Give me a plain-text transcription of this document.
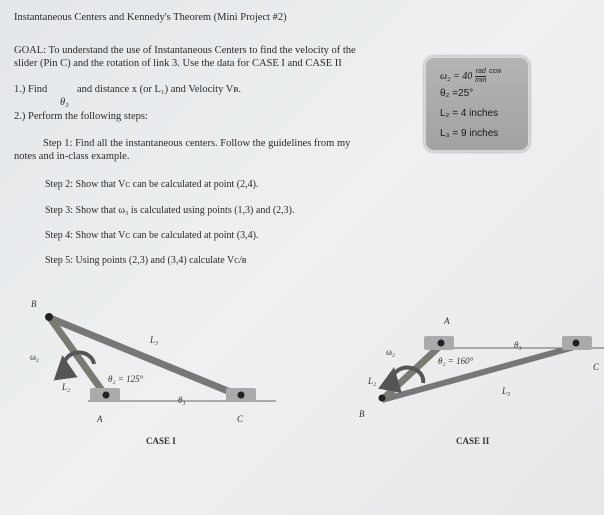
Instantaneous Centers and Kennedy's Theorem (Mini Project #2)
GOAL: To understand the use of Instantaneous Centers to find the velocity of the
slider (Pin C) and the rotation of link 3. Use the data for CASE I and CASE II
1.) Find	and distance x (or L₁) and Velocity Vʙ.
θ₃
2.) Perform the following steps:
Step 1: Find all the instantaneous centers. Follow the guidelines from my
notes and in-class example.
Step 2: Show that Vᴄ can be calculated at point (2,4).
Step 3: Show that ω₃ is calculated using points (1,3) and (2,3).
Step 4: Show that Vᴄ can be calculated at point (3,4).
Step 5: Using points (2,3) and (3,4) calculate Vᴄ/ʙ
ω₂ = 40 rad
min $^{ccw}$
θ₂ =25°
L₂ = 4 inches
L₃ = 9 inches
B
L₃
ω₂
L₂
θ₂ = 125°
θ₃
A	C
CASE I
A
θ₃
ω₂
θ₂ = 160°
C
L₂
L₃
B
CASE II
